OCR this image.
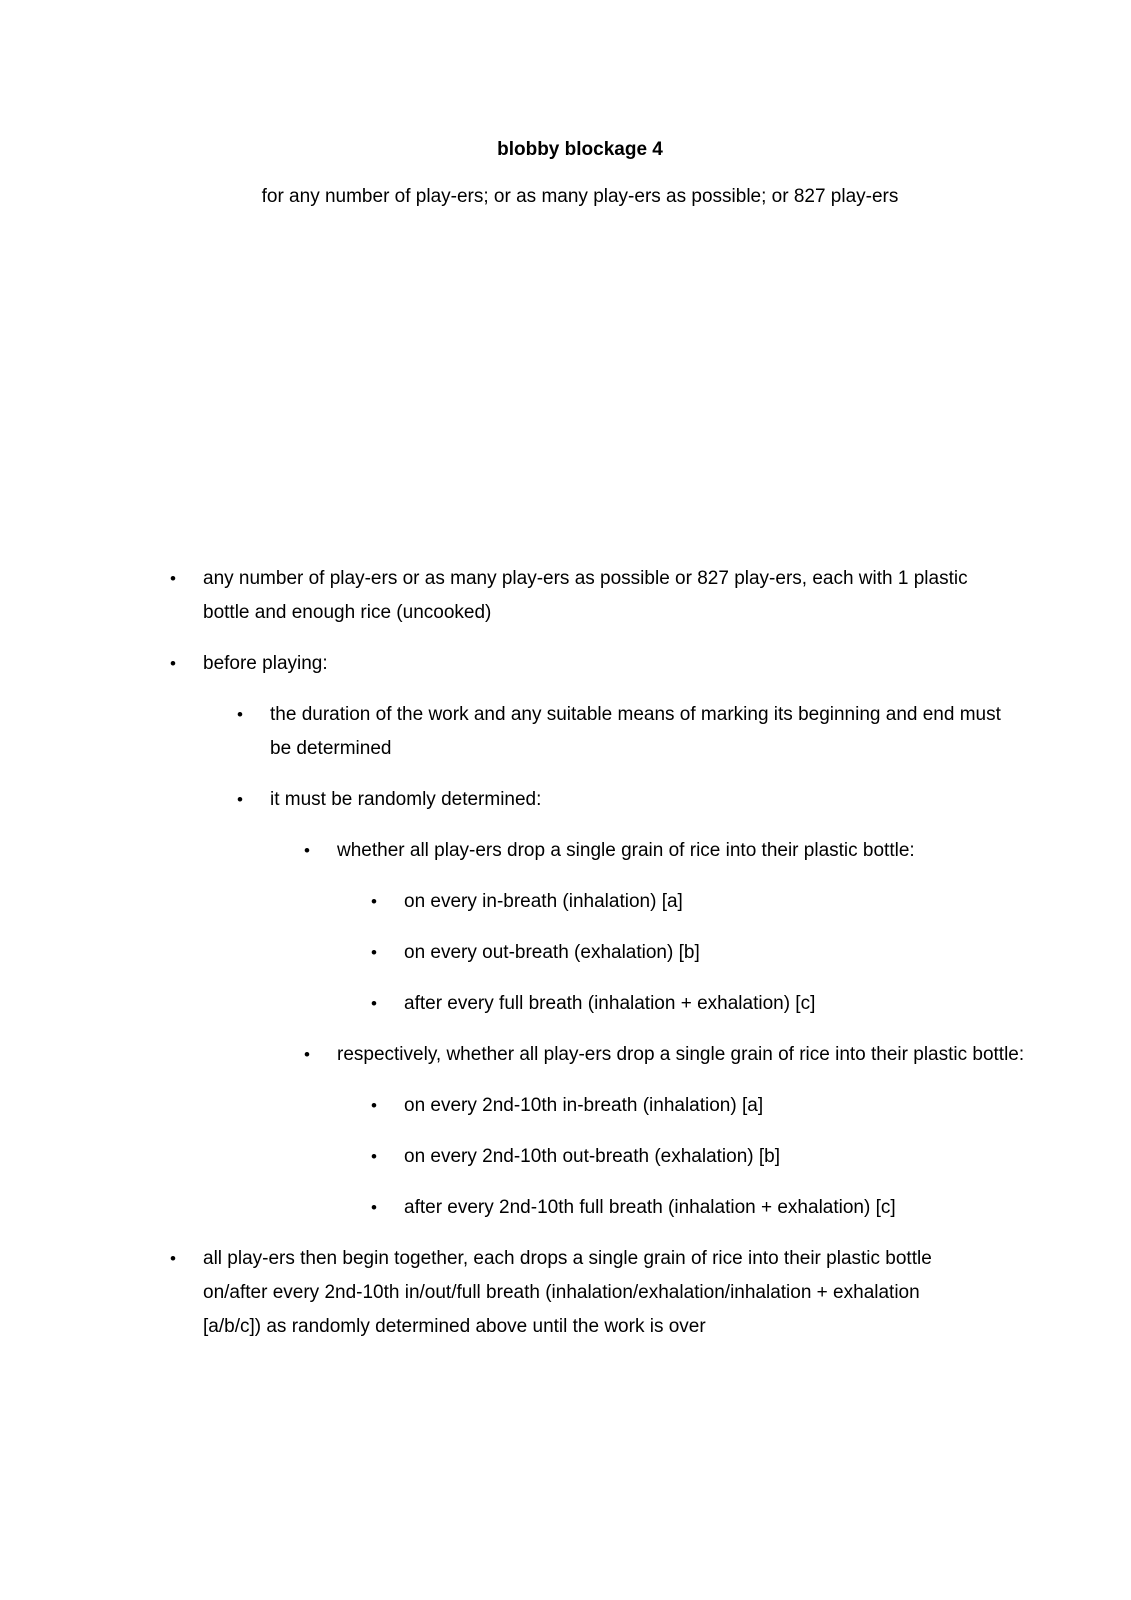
blobby blockage 4
for any number of play-ers; or as many play-ers as possible; or 827 play-ers
•	any number of play-ers or as many play-ers as possible or 827 play-ers, each with 1 plastic
bottle and enough rice (uncooked)
•	before playing:
•	the duration of the work and any suitable means of marking its beginning and end must
be determined
•	it must be randomly determined:
•	whether all play-ers drop a single grain of rice into their plastic bottle:
•	on every in-breath (inhalation) [a]
•	on every out-breath (exhalation) [b]
•	after every full breath (inhalation + exhalation) [c]
•	respectively, whether all play-ers drop a single grain of rice into their plastic bottle:
•	on every 2nd-10th in-breath (inhalation) [a]
•	on every 2nd-10th out-breath (exhalation) [b]
•	after every 2nd-10th full breath (inhalation + exhalation) [c]
•	all play-ers then begin together, each drops a single grain of rice into their plastic bottle
on/after every 2nd-10th in/out/full breath (inhalation/exhalation/inhalation + exhalation
[a/b/c]) as randomly determined above until the work is over
